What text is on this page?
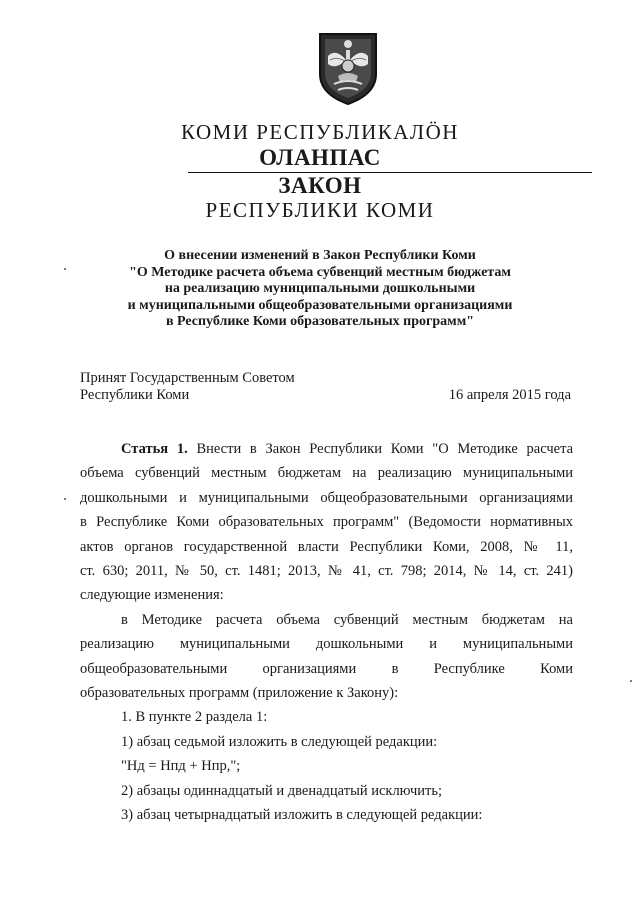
КОМИ РЕСПУБЛИКАЛÖН
ОЛАНПАС
ЗАКОН
РЕСПУБЛИКИ КОМИ
О внесении изменений в Закон Республики Коми
"О Методике расчета объема субвенций местным бюджетам
на реализацию муниципальными дошкольными
и муниципальными общеобразовательными организациями
в Республике Коми образовательных программ"
Принят Государственным Советом
Республики Коми	16 апреля 2015 года

Статья 1. Внести в Закон Республики Коми "О Методике расчета

объема субвенций местным бюджетам на реализацию муниципальными

дошкольными и муниципальными общеобразовательными организациями

в Республике Коми образовательных программ" (Ведомости нормативных

актов органов государственной власти Республики Коми, 2008, № 11,

ст. 630; 2011, № 50, ст. 1481; 2013, № 41, ст. 798; 2014, № 14, ст. 241)

следующие изменения:

в Методике расчета объема субвенций местным бюджетам на

реализацию муниципальными дошкольными и муниципальными

общеобразовательными организациями в Республике Коми

образовательных программ (приложение к Закону):

1. В пункте 2 раздела 1:

1) абзац седьмой изложить в следующей редакции:

"Нд = Нпд + Нпр,";

2) абзацы одиннадцатый и двенадцатый исключить;

3) абзац четырнадцатый изложить в следующей редакции:
